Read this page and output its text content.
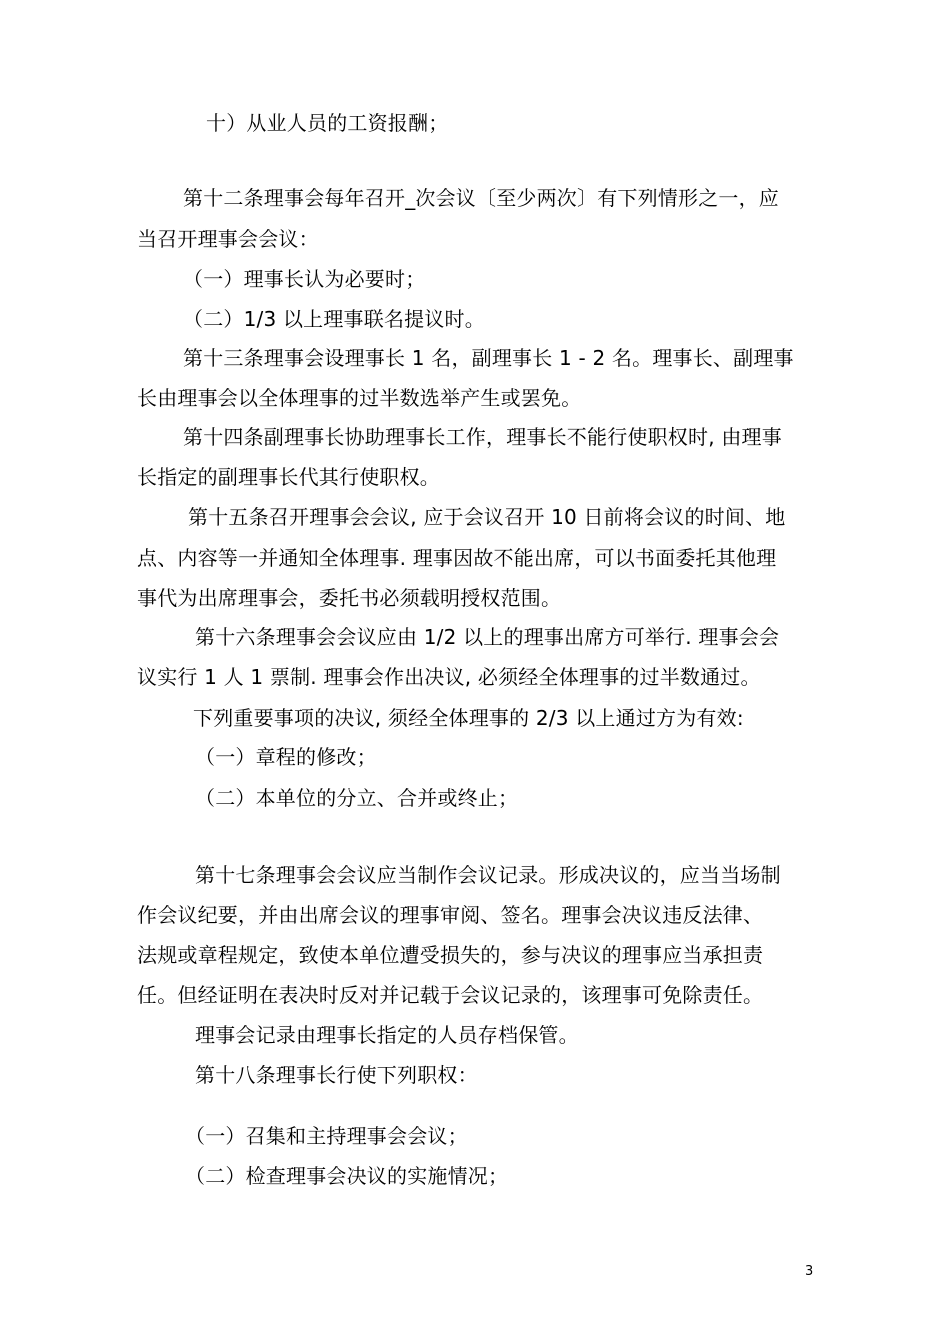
十）从业人员的工资报酬；
第十二条理事会每年召开_次会议〔至少两次〕有下列情形之一，应
当召开理事会会议：
（一）理事长认为必要时；
（二）1/3 以上理事联名提议时。
第十三条理事会设理事长 1 名，副理事长 1 - 2 名。理事长、副理事
长由理事会以全体理事的过半数选举产生或罢免。
第十四条副理事长协助理事长工作，理事长不能行使职权时, 由理事
长指定的副理事长代其行使职权。
第十五条召开理事会会议, 应于会议召开 10 日前将会议的时间、地
点、内容等一并通知全体理事. 理事因故不能出席，可以书面委托其他理
事代为出席理事会，委托书必须载明授权范围。
第十六条理事会会议应由 1/2 以上的理事出席方可举行. 理事会会
议实行 1 人 1 票制. 理事会作出决议, 必须经全体理事的过半数通过。
下列重要事项的决议, 须经全体理事的 2/3 以上通过方为有效:
（一）章程的修改；
（二）本单位的分立、合并或终止；
第十七条理事会会议应当制作会议记录。形成决议的，应当当场制
作会议纪要，并由出席会议的理事审阅、签名。理事会决议违反法律、
法规或章程规定，致使本单位遭受损失的，参与决议的理事应当承担责
任。但经证明在表决时反对并记载于会议记录的，该理事可免除责任。
理事会记录由理事长指定的人员存档保管。
第十八条理事长行使下列职权：
（一）召集和主持理事会会议；
（二）检查理事会决议的实施情况；
3
